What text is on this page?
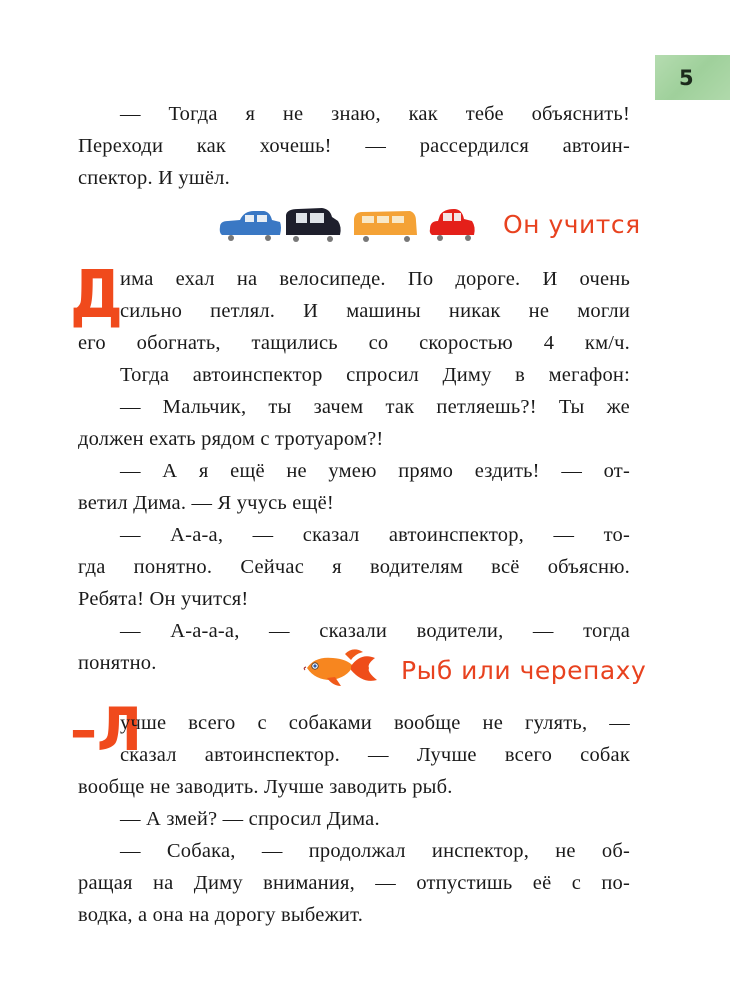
5
— Тогда я не знаю, как тебе объяснить!
Переходи как хочешь! — рассердился автоин-
спектор. И ушёл.
Он учится
Д
има ехал на велосипеде. По дороге. И очень
сильно петлял. И машины никак не могли
его обогнать, тащились со скоростью 4 км/ч.
Тогда автоинспектор спросил Диму в мегафон:
— Мальчик, ты зачем так петляешь?! Ты же
должен ехать рядом с тротуаром?!
— А я ещё не умею прямо ездить! — от-
ветил Дима. — Я учусь ещё!
— А-а-а, — сказал автоинспектор, — то-
гда понятно. Сейчас я водителям всё объясню.
Ребята! Он учится!
— А-а-а-а, — сказали водители, — тогда
понятно.	Рыб или черепаху
–Л
учше всего с собаками вообще не гулять, —
сказал автоинспектор. — Лучше всего собак
вообще не заводить. Лучше заводить рыб.
— А змей? — спросил Дима.
— Собака, — продолжал инспектор, не об-
ращая на Диму внимания, — отпустишь её с по-
водка, а она на дорогу выбежит.
